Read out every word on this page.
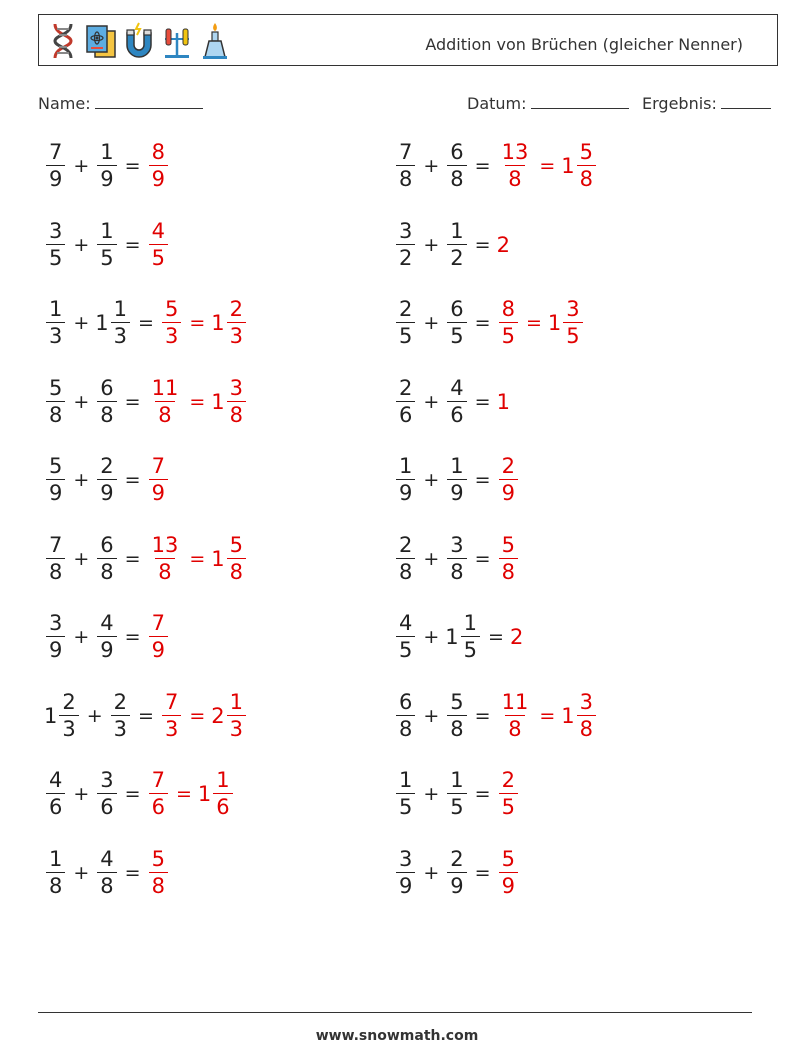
Addition von Brüchen (gleicher Nenner)
Name:	Datum:	Ergebnis:
$\frac{7}{9} + \frac{1}{9} = \frac{8}{9}$
$\frac{3}{5} + \frac{1}{5} = \frac{4}{5}$
$\frac{1}{3} + 1 \frac{1}{3} = \frac{5}{3} = 1 \frac{2}{3}$
$\frac{5}{8} + \frac{6}{8} = \frac{11}{8} = 1 \frac{3}{8}$
$\frac{5}{9} + \frac{2}{9} = \frac{7}{9}$
$\frac{7}{8} + \frac{6}{8} = \frac{13}{8} = 1 \frac{5}{8}$
$\frac{3}{9} + \frac{4}{9} = \frac{7}{9}$
$1 \frac{2}{3} + \frac{2}{3} = \frac{7}{3} = 2 \frac{1}{3}$
$\frac{4}{6} + \frac{3}{6} = \frac{7}{6} = 1 \frac{1}{6}$
$\frac{1}{8} + \frac{4}{8} = \frac{5}{8}$
$\frac{7}{8} + \frac{6}{8} = \frac{13}{8} = 1 \frac{5}{8}$
$\frac{3}{2} + \frac{1}{2} = 2$
$\frac{2}{5} + \frac{6}{5} = \frac{8}{5} = 1 \frac{3}{5}$
$\frac{2}{6} + \frac{4}{6} = 1$
$\frac{1}{9} + \frac{1}{9} = \frac{2}{9}$
$\frac{2}{8} + \frac{3}{8} = \frac{5}{8}$
$\frac{4}{5} + 1 \frac{1}{5} = 2$
$\frac{6}{8} + \frac{5}{8} = \frac{11}{8} = 1 \frac{3}{8}$
$\frac{1}{5} + \frac{1}{5} = \frac{2}{5}$
$\frac{3}{9} + \frac{2}{9} = \frac{5}{9}$
www.snowmath.com
